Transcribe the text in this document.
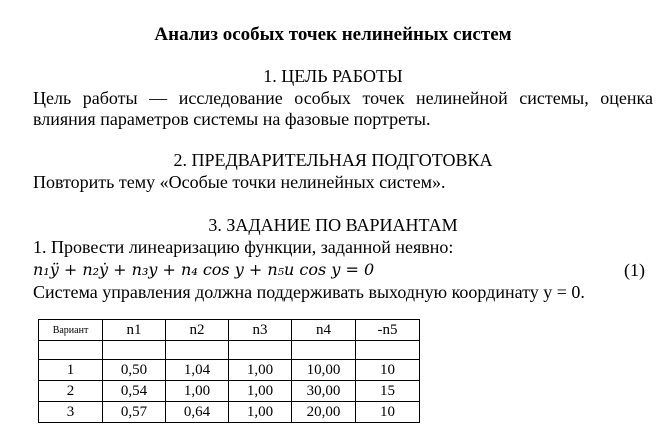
Анализ особых точек нелинейных систем
1. ЦЕЛЬ РАБОТЫ
Цель работы — исследование особых точек нелинейной системы, оценка влияния параметров системы на фазовые портреты.
2. ПРЕДВАРИТЕЛЬНАЯ ПОДГОТОВКА
Повторить тему «Особые точки нелинейных систем».
3. ЗАДАНИЕ ПО ВАРИАНТАМ
1. Провести линеаризацию функции, заданной неявно:
n₁ÿ + n₂ẏ + n₃y + n₄ cos y + n₅u cos y = 0	(1)
Система управления должна поддерживать выходную координату y = 0.
Вариант	n1	n2	n3	n4	-n5

1	0,50	1,04	1,00	10,00	10
2	0,54	1,00	1,00	30,00	15
3	0,57	0,64	1,00	20,00	10
